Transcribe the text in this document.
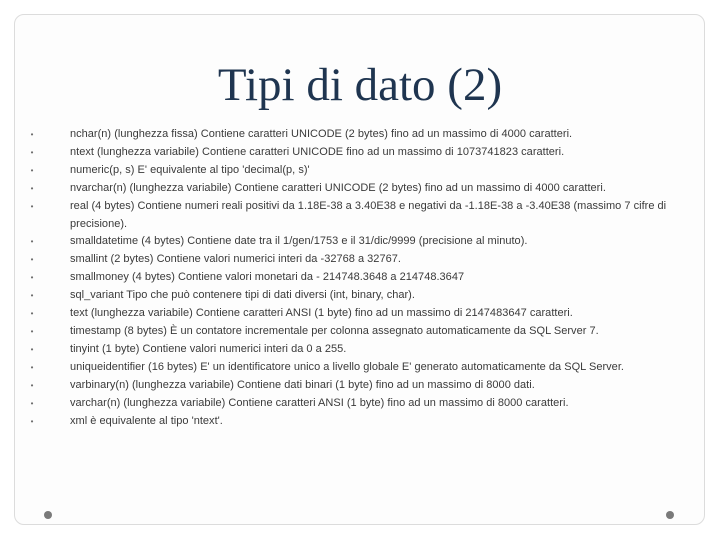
Tipi di dato (2)
•	nchar(n) (lunghezza fissa) Contiene caratteri UNICODE (2 bytes) fino ad un massimo di 4000 caratteri.
•	ntext (lunghezza variabile) Contiene caratteri UNICODE fino ad un massimo di 1073741823 caratteri.
•	numeric(p, s) E' equivalente al tipo 'decimal(p, s)'
•	nvarchar(n) (lunghezza variabile) Contiene caratteri UNICODE (2 bytes) fino ad un massimo di 4000 caratteri.
•	real (4 bytes) Contiene numeri reali positivi da 1.18E-38 a 3.40E38 e negativi da -1.18E-38 a -3.40E38 (massimo 7 cifre di precisione).
•	smalldatetime (4 bytes) Contiene date tra il 1/gen/1753 e il 31/dic/9999 (precisione al minuto).
•	smallint (2 bytes) Contiene valori numerici interi da -32768 a 32767.
•	smallmoney (4 bytes) Contiene valori monetari da - 214748.3648 a 214748.3647
•	sql_variant Tipo che può contenere tipi di dati diversi (int, binary, char).
•	text (lunghezza variabile) Contiene caratteri ANSI (1 byte) fino ad un massimo di 2147483647 caratteri.
•	timestamp (8 bytes) È un contatore incrementale per colonna assegnato automaticamente da SQL Server 7.
•	tinyint (1 byte) Contiene valori numerici interi da 0 a 255.
•	uniqueidentifier (16 bytes) E' un identificatore unico a livello globale E' generato automaticamente da SQL Server.
•	varbinary(n) (lunghezza variabile) Contiene dati binari (1 byte) fino ad un massimo di 8000 dati.
•	varchar(n) (lunghezza variabile) Contiene caratteri ANSI (1 byte) fino ad un massimo di 8000 caratteri.
•	xml è equivalente al tipo 'ntext'.
